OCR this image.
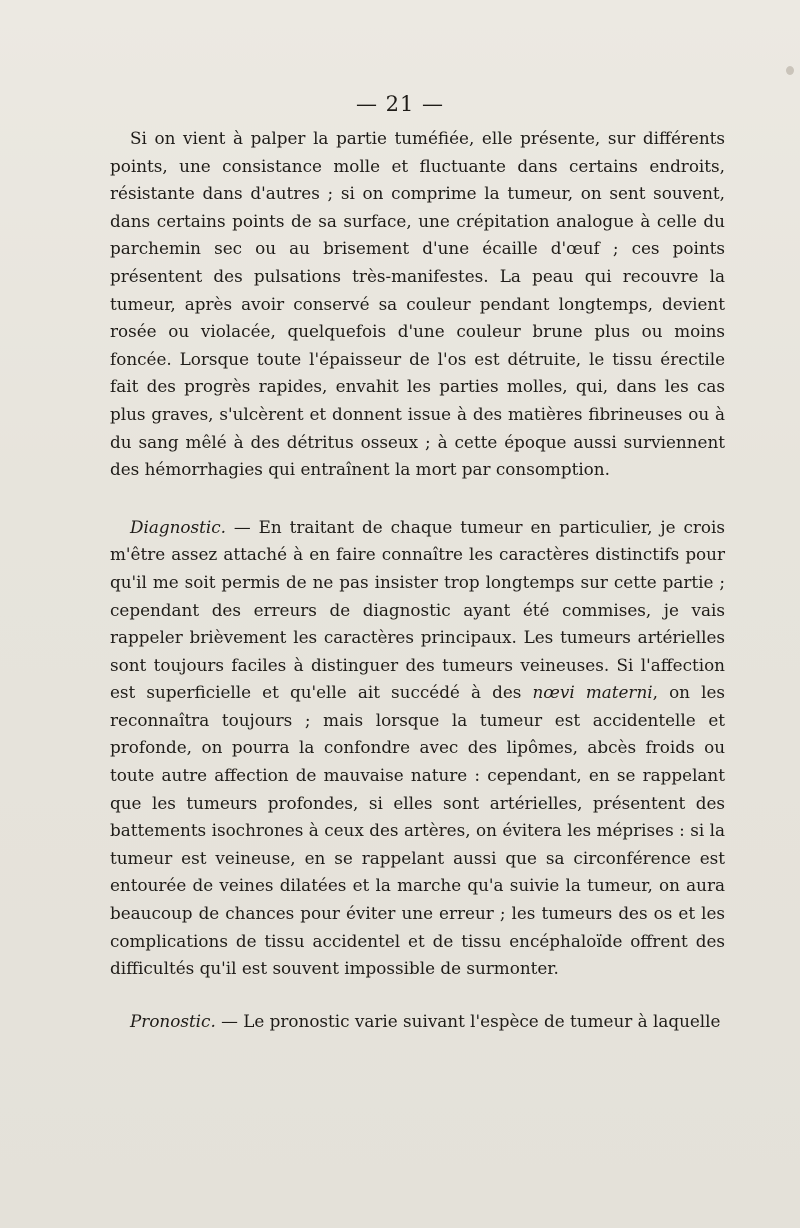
— 21 —

Si on vient à palper la partie tuméfiée, elle présente, sur différents points, une consistance molle et fluctuante dans certains endroits, résistante dans d'autres ; si on comprime la tumeur, on sent souvent, dans certains points de sa surface, une crépitation analogue à celle du parchemin sec ou au brisement d'une écaille d'œuf ; ces points présentent des pulsations très-manifestes. La peau qui recouvre la tumeur, après avoir conservé sa couleur pendant longtemps, devient rosée ou violacée, quelquefois d'une couleur brune plus ou moins foncée. Lorsque toute l'épaisseur de l'os est détruite, le tissu érectile fait des progrès rapides, envahit les parties molles, qui, dans les cas plus graves, s'ulcèrent et donnent issue à des matières fibrineuses ou à du sang mêlé à des détritus osseux ; à cette époque aussi surviennent des hémorrhagies qui entraînent la mort par consomption.

Diagnostic. — En traitant de chaque tumeur en particulier, je crois m'être assez attaché à en faire connaître les caractères distinctifs pour qu'il me soit permis de ne pas insister trop longtemps sur cette partie ; cependant des erreurs de diagnostic ayant été commises, je vais rappeler brièvement les caractères principaux. Les tumeurs artérielles sont toujours faciles à distinguer des tumeurs veineuses. Si l'affection est superficielle et qu'elle ait succédé à des nœvi materni, on les reconnaîtra toujours ; mais lorsque la tumeur est accidentelle et profonde, on pourra la confondre avec des lipômes, abcès froids ou toute autre affection de mauvaise nature : cependant, en se rappelant que les tumeurs profondes, si elles sont artérielles, présentent des battements isochrones à ceux des artères, on évitera les méprises : si la tumeur est veineuse, en se rappelant aussi que sa circonférence est entourée de veines dilatées et la marche qu'a suivie la tumeur, on aura beaucoup de chances pour éviter une erreur ; les tumeurs des os et les complications de tissu accidentel et de tissu encéphaloïde offrent des difficultés qu'il est souvent impossible de surmonter.

Pronostic. — Le pronostic varie suivant l'espèce de tumeur à laquelle
